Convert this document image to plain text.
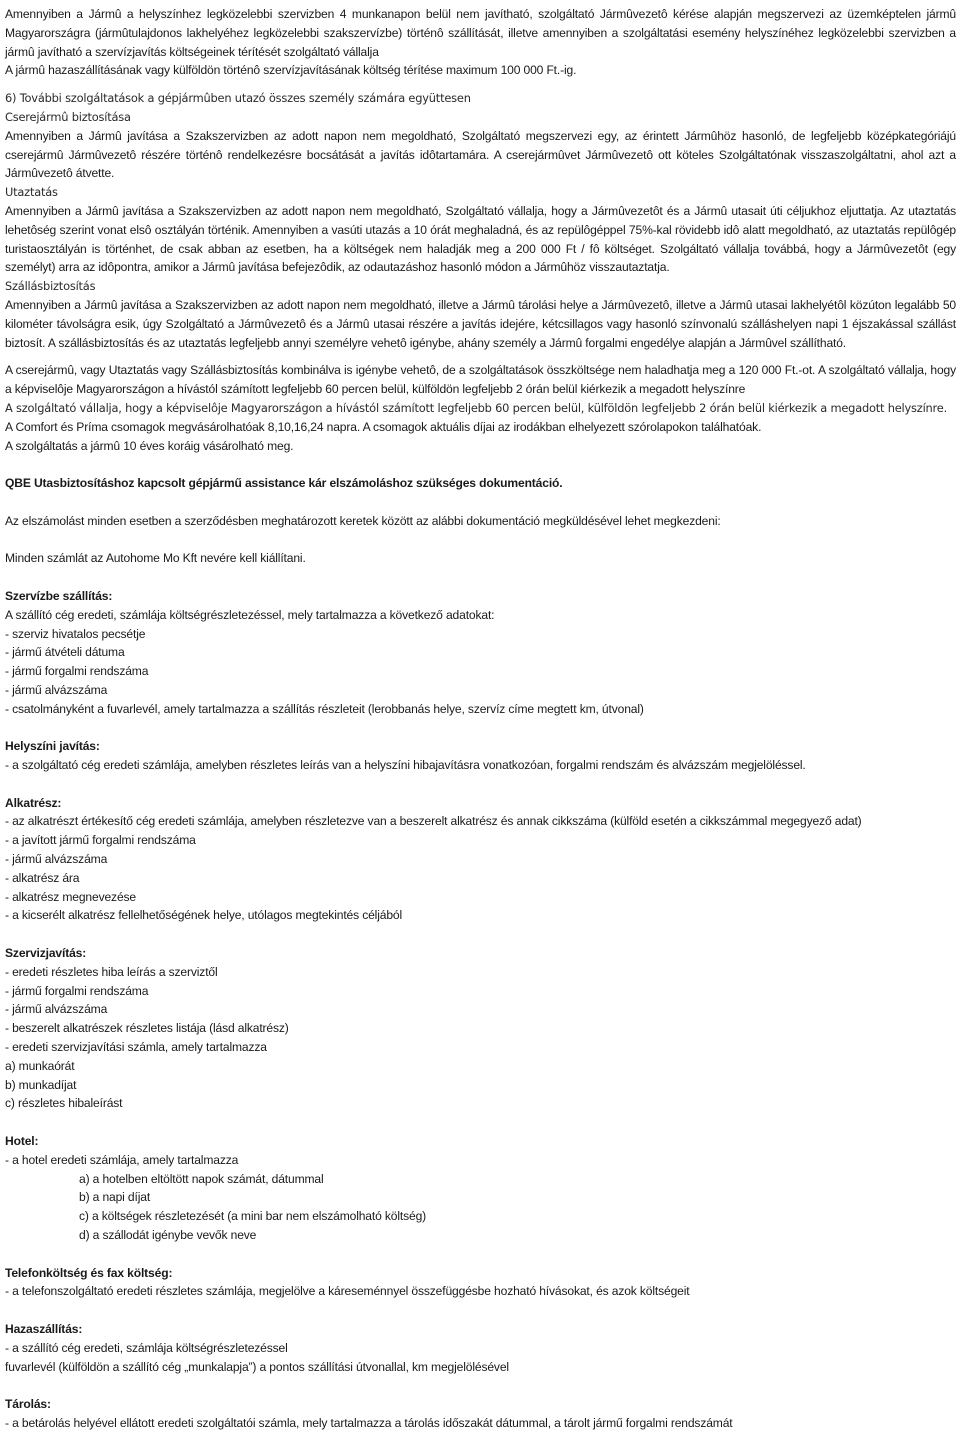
Amennyiben a Jármû a helyszínhez legközelebbi szervizben 4 munkanapon belül nem javítható, szolgáltató Jármûvezetô kérése alapján megszervezi az üzemképtelen jármû Magyarországra (jármûtulajdonos lakhelyéhez legközelebbi szakszervízbe) történô szállítását, illetve amennyiben a szolgáltatási esemény helyszínéhez legközelebbi szervizben a jármû javítható a szervízjavítás költségeinek térítését szolgáltató vállalja

A jármû hazaszállításának vagy külföldön történô szervízjavításának költség térítése maximum 100 000 Ft.-ig.

6) További szolgáltatások a gépjármûben utazó összes személy számára együttesen

Cserejármû biztosítása

Amennyiben a Jármû javítása a Szakszervizben az adott napon nem megoldható, Szolgáltató megszervezi egy, az érintett Jármûhöz hasonló, de legfeljebb középkategóriájú cserejármû Jármûvezetô részére történô rendelkezésre bocsátását a javítás idôtartamára. A cserejármûvet Jármûvezetô ott köteles Szolgáltatónak visszaszolgáltatni, ahol azt a Jármûvezetô átvette.

Utaztatás

Amennyiben a Jármû javítása a Szakszervizben az adott napon nem megoldható, Szolgáltató vállalja, hogy a Jármûvezetôt és a Jármû utasait úti céljukhoz eljuttatja. Az utaztatás lehetôség szerint vonat elsô osztályán történik. Amennyiben a vasúti utazás a 10 órát meghaladná, és az repülôgéppel 75%-kal rövidebb idô alatt megoldható, az utaztatás repülôgép turistaosztályán is történhet, de csak abban az esetben, ha a költségek nem haladják meg a 200 000 Ft / fô költséget. Szolgáltató vállalja továbbá, hogy a Jármûvezetôt (egy személyt) arra az idôpontra, amikor a Jármû javítása befejezôdik, az odautazáshoz hasonló módon a Jármûhöz visszautaztatja.

Szállásbiztosítás

Amennyiben a Jármû javítása a Szakszervizben az adott napon nem megoldható, illetve a Jármû tárolási helye a Jármûvezetô, illetve a Jármû utasai lakhelyétôl közúton legalább 50 kilométer távolságra esik, úgy Szolgáltató a Jármûvezetô és a Jármû utasai részére a javítás idejére, kétcsillagos vagy hasonló színvonalú szálláshelyen napi 1 éjszakással szállást biztosít. A szállásbiztosítás és az utaztatás legfeljebb annyi személyre vehetô igénybe, ahány személy a Jármû forgalmi engedélye alapján a Jármûvel szállítható.

A cserejármû, vagy Utaztatás vagy Szállásbiztosítás kombinálva is igénybe vehetô, de a szolgáltatások összköltsége nem haladhatja meg a 120 000 Ft.-ot. A szolgáltató vállalja, hogy a képviselôje Magyarországon a hívástól számított legfeljebb 60 percen belül, külföldön legfeljebb 2 órán belül kiérkezik a megadott helyszínre

A szolgáltató vállalja, hogy a képviselôje Magyarországon a hívástól számított legfeljebb 60 percen belül, külföldön legfeljebb 2 órán belül kiérkezik a megadott helyszínre.

A Comfort és Príma csomagok megvásárolhatóak 8,10,16,24 napra. A csomagok aktuális díjai az irodákban elhelyezett szórolapokon találhatóak.

A szolgáltatás a jármû 10 éves koráig vásárolható meg.

QBE Utasbiztosításhoz kapcsolt gépjármű assistance kár elszámoláshoz szükséges dokumentáció.

Az elszámolást minden esetben a szerződésben meghatározott keretek között az alábbi dokumentáció megküldésével lehet megkezdeni:

Minden számlát az Autohome Mo Kft nevére kell kiállítani.

Szervízbe szállítás:

A szállító cég eredeti, számlája költségrészletezéssel, mely tartalmazza a következő adatokat:

- szerviz hivatalos pecsétje

- jármű átvételi dátuma

- jármű forgalmi rendszáma

- jármű alvázszáma

- csatolmányként a fuvarlevél, amely tartalmazza a szállítás részleteit (lerobbanás helye, szervíz címe megtett km, útvonal)

Helyszíni javítás:

- a szolgáltató cég eredeti számlája, amelyben részletes leírás van a helyszíni hibajavításra vonatkozóan, forgalmi rendszám és alvázszám megjelöléssel.

Alkatrész:

- az alkatrészt értékesítő cég eredeti számlája, amelyben részletezve van a beszerelt alkatrész és annak cikkszáma (külföld esetén a cikkszámmal megegyező adat)

- a javított jármű forgalmi rendszáma

- jármű alvázszáma

- alkatrész ára

- alkatrész megnevezése

- a kicserélt alkatrész fellelhetőségének helye, utólagos megtekintés céljából

Szervizjavítás:

- eredeti részletes hiba leírás a szerviztől

- jármű forgalmi rendszáma

- jármű alvázszáma

- beszerelt alkatrészek részletes listája (lásd alkatrész)

- eredeti szervizjavítási számla, amely tartalmazza

a) munkaórát

b) munkadíjat

c) részletes hibaleírást

Hotel:

- a hotel eredeti számlája, amely tartalmazza

a) a hotelben eltöltött napok számát, dátummal

b) a napi díjat

c) a költségek részletezését (a mini bar nem elszámolható költség)

d) a szállodát igénybe vevők neve

Telefonköltség és fax költség:

- a telefonszolgáltató eredeti részletes számlája, megjelölve a káreseménnyel összefüggésbe hozható hívásokat, és azok költségeit

Hazaszállítás:

- a szállító cég eredeti, számlája költségrészletezéssel

fuvarlevél (külföldön a szállító cég „munkalapja”) a pontos szállítási útvonallal, km megjelölésével

Tárolás:

- a betárolás helyével ellátott eredeti szolgáltatói számla, mely tartalmazza a tárolás időszakát dátummal, a tárolt jármű forgalmi rendszámát
